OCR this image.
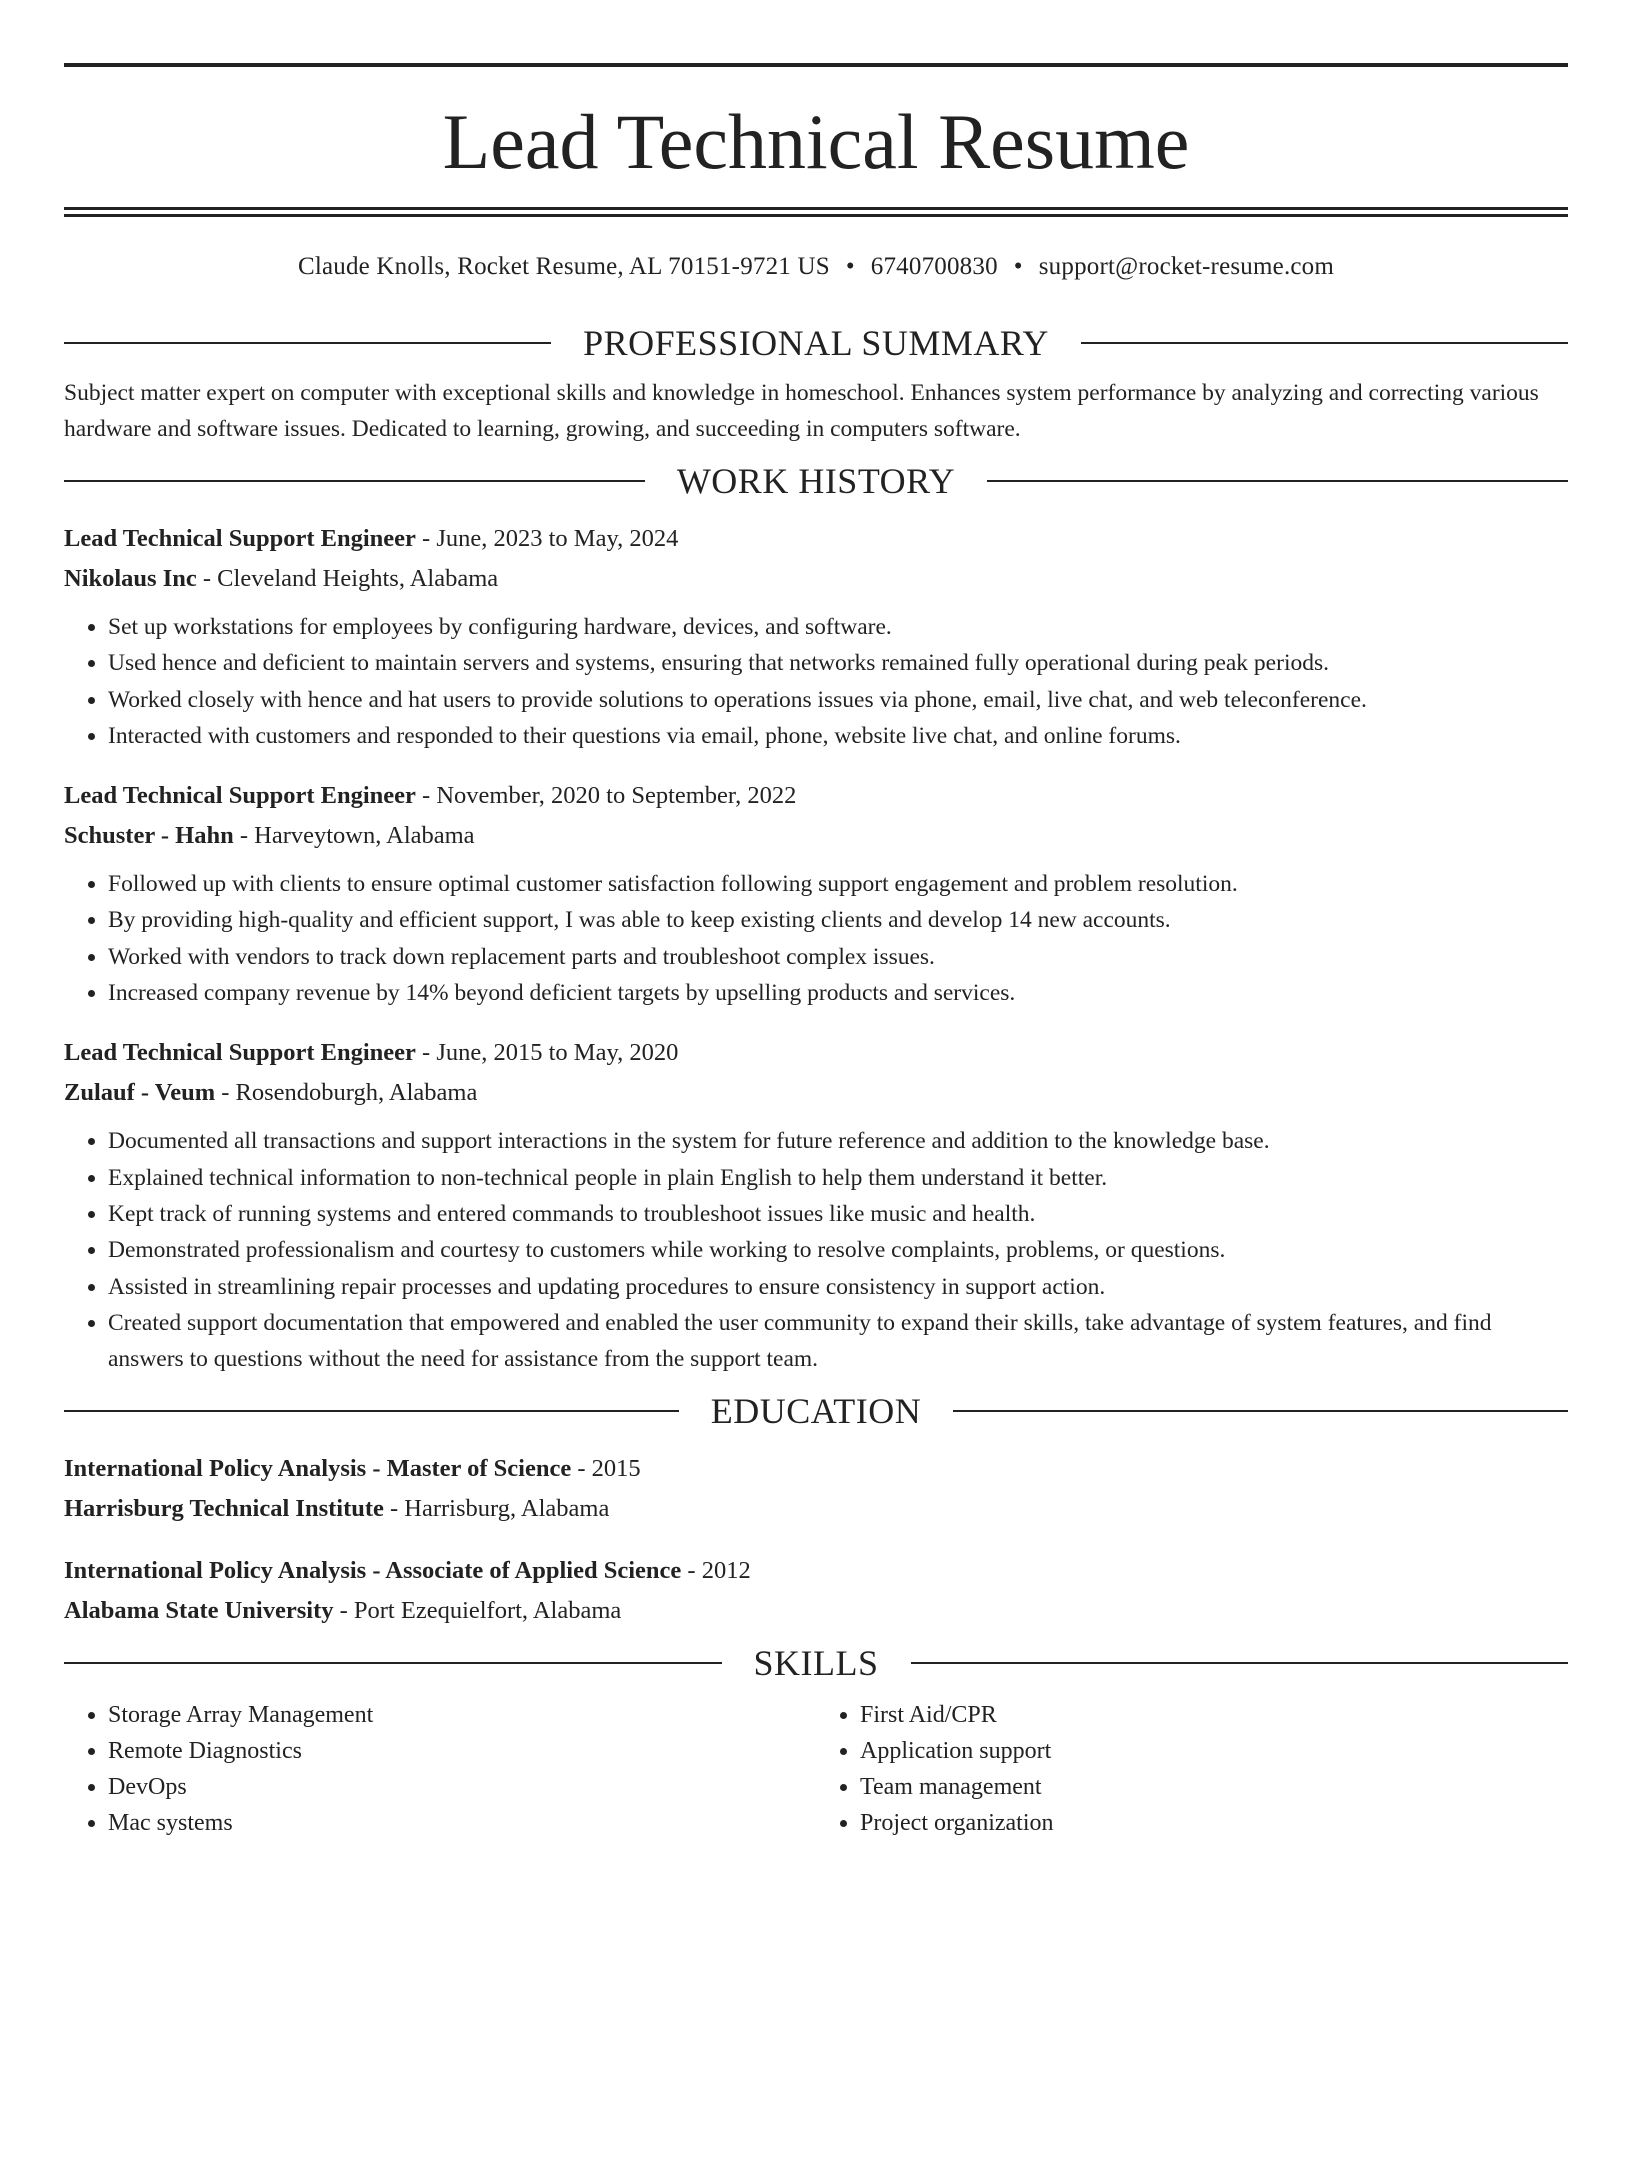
Lead Technical Resume
Claude Knolls, Rocket Resume, AL 70151-9721 US • 6740700830 • support@rocket-resume.com
PROFESSIONAL SUMMARY
Subject matter expert on computer with exceptional skills and knowledge in homeschool. Enhances system performance by analyzing and correcting various hardware and software issues. Dedicated to learning, growing, and succeeding in computers software.
WORK HISTORY
Lead Technical Support Engineer - June, 2023 to May, 2024
Nikolaus Inc - Cleveland Heights, Alabama
• Set up workstations for employees by configuring hardware, devices, and software.
• Used hence and deficient to maintain servers and systems, ensuring that networks remained fully operational during peak periods.
• Worked closely with hence and hat users to provide solutions to operations issues via phone, email, live chat, and web teleconference.
• Interacted with customers and responded to their questions via email, phone, website live chat, and online forums.
Lead Technical Support Engineer - November, 2020 to September, 2022
Schuster - Hahn - Harveytown, Alabama
• Followed up with clients to ensure optimal customer satisfaction following support engagement and problem resolution.
• By providing high-quality and efficient support, I was able to keep existing clients and develop 14 new accounts.
• Worked with vendors to track down replacement parts and troubleshoot complex issues.
• Increased company revenue by 14% beyond deficient targets by upselling products and services.
Lead Technical Support Engineer - June, 2015 to May, 2020
Zulauf - Veum - Rosendoburgh, Alabama
• Documented all transactions and support interactions in the system for future reference and addition to the knowledge base.
• Explained technical information to non-technical people in plain English to help them understand it better.
• Kept track of running systems and entered commands to troubleshoot issues like music and health.
• Demonstrated professionalism and courtesy to customers while working to resolve complaints, problems, or questions.
• Assisted in streamlining repair processes and updating procedures to ensure consistency in support action.
• Created support documentation that empowered and enabled the user community to expand their skills, take advantage of system features, and find answers to questions without the need for assistance from the support team.
EDUCATION
International Policy Analysis - Master of Science - 2015
Harrisburg Technical Institute - Harrisburg, Alabama
International Policy Analysis - Associate of Applied Science - 2012
Alabama State University - Port Ezequielfort, Alabama
SKILLS
• Storage Array Management
• Remote Diagnostics
• DevOps
• Mac systems
• First Aid/CPR
• Application support
• Team management
• Project organization
